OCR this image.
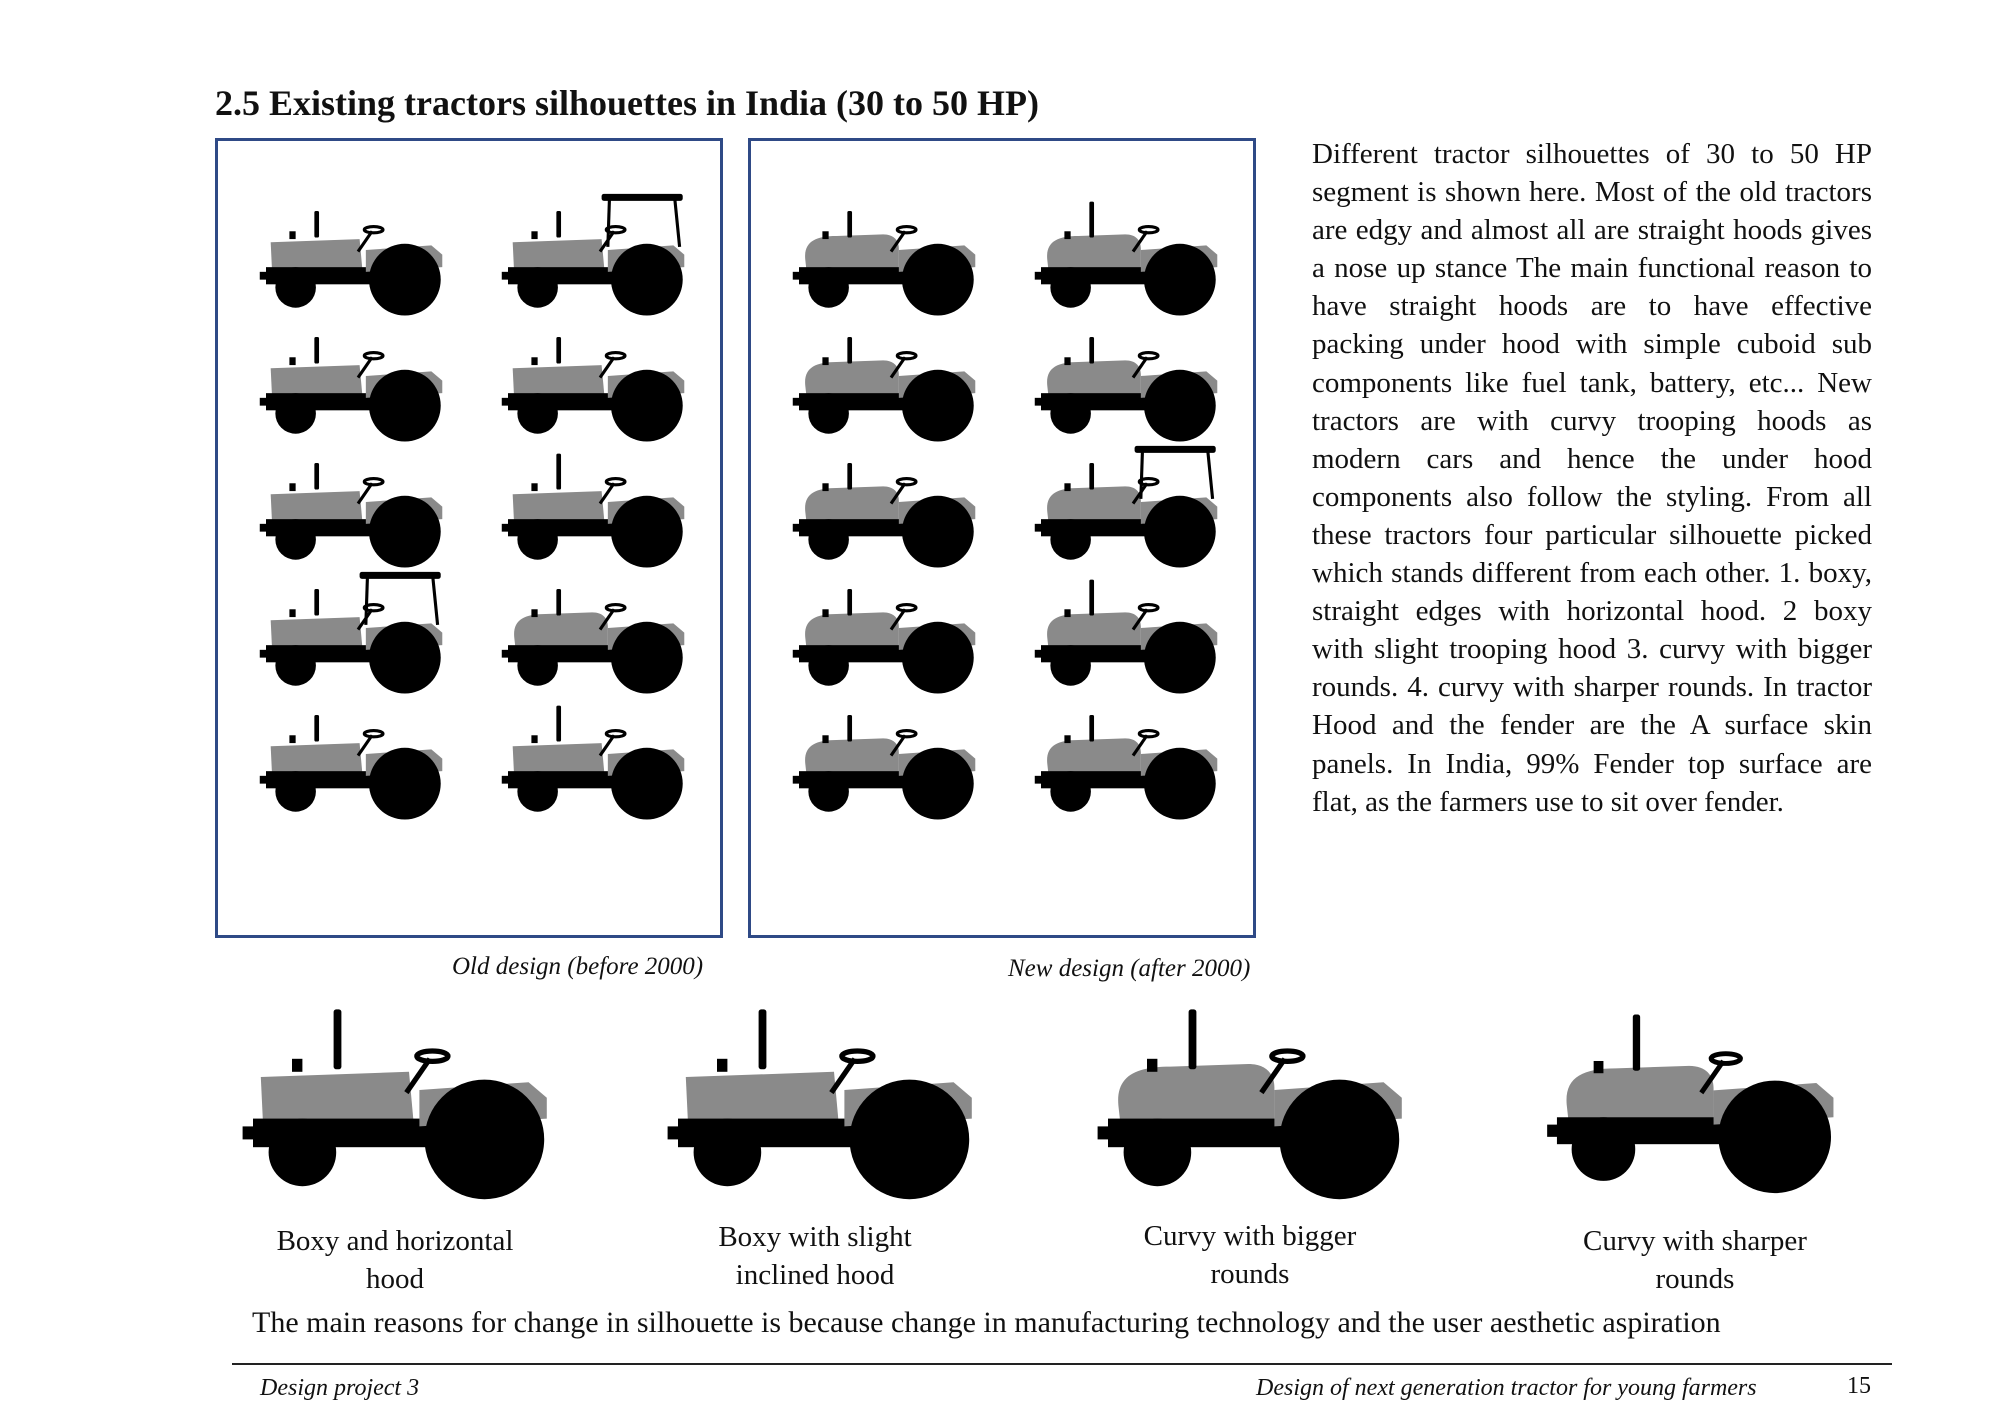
2.5 Existing tractors silhouettes in India (30 to 50 HP)
Old design (before 2000)	New design (after 2000)
Different tractor silhouettes of 30 to 50 HP segment is shown here. Most of the old tractors are edgy and almost all are straight hoods gives a nose up stance The main functional reason to have straight hoods are to have effective packing under hood with simple cuboid sub components like fuel tank, battery, etc... New tractors are with curvy trooping hoods as modern cars and hence the under hood components also follow the styling. From all these tractors four particular silhouette picked which stands different from each other. 1. boxy, straight edges with horizontal hood. 2 boxy with slight trooping hood 3. curvy with bigger rounds. 4. curvy with sharper rounds. In tractor Hood and the fender are the A surface skin panels. In India, 99% Fender top surface are flat, as the farmers use to sit over fender.
Boxy and horizontal
hood
Boxy with slight
inclined hood
Curvy with bigger
rounds
Curvy with sharper
rounds
The main reasons for change in silhouette is because change in manufacturing technology and the user aesthetic aspiration
Design project 3	Design of next generation tractor for young farmers	15
